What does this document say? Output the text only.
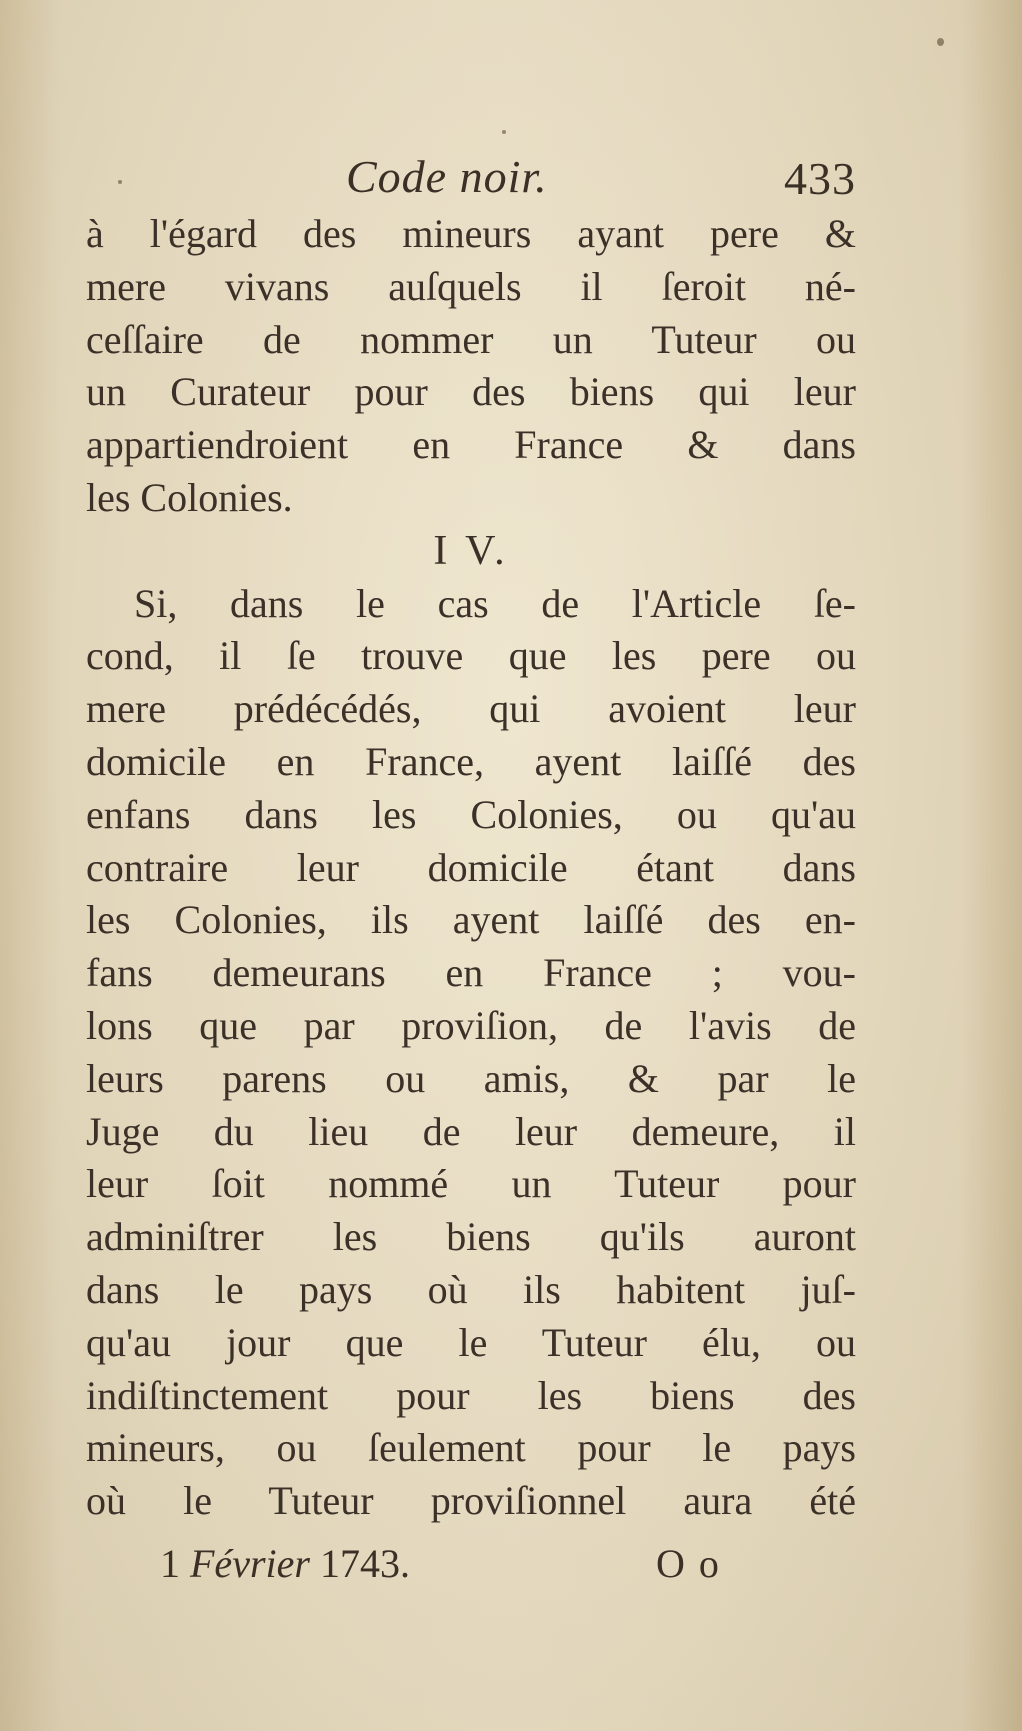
Code noir.	433
à l'égard des mineurs ayant pere &
mere vivans auſquels il ſeroit né-
ceſſaire de nommer un Tuteur ou
un Curateur pour des biens qui leur
appartiendroient en France & dans
les Colonies.
I V.
Si, dans le cas de l'Article ſe-
cond, il ſe trouve que les pere ou
mere prédécédés, qui avoient leur
domicile en France, ayent laiſſé des
enfans dans les Colonies, ou qu'au
contraire leur domicile étant dans
les Colonies, ils ayent laiſſé des en-
fans demeurans en France ; vou-
lons que par proviſion, de l'avis de
leurs parens ou amis, & par le
Juge du lieu de leur demeure, il
leur ſoit nommé un Tuteur pour
adminiſtrer les biens qu'ils auront
dans le pays où ils habitent juſ-
qu'au jour que le Tuteur élu, ou
indiſtinctement pour les biens des
mineurs, ou ſeulement pour le pays
où le Tuteur proviſionnel aura été
1 Février 1743.	O o
